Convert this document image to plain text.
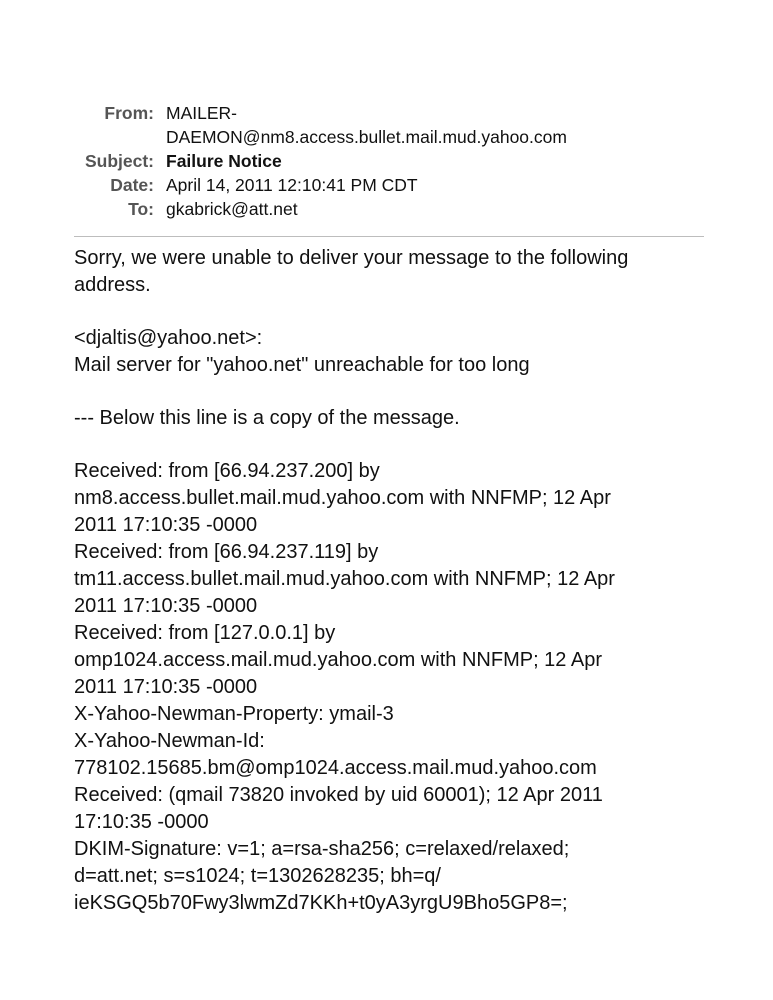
From: MAILER-
DAEMON@nm8.access.bullet.mail.mud.yahoo.com
Subject: Failure Notice
Date: April 14, 2011 12:10:41 PM CDT
To: gkabrick@att.net

Sorry, we were unable to deliver your message to the following
address.

<djaltis@yahoo.net>:
Mail server for "yahoo.net" unreachable for too long

--- Below this line is a copy of the message.

Received: from [66.94.237.200] by
nm8.access.bullet.mail.mud.yahoo.com with NNFMP; 12 Apr
2011 17:10:35 -0000
Received: from [66.94.237.119] by
tm11.access.bullet.mail.mud.yahoo.com with NNFMP; 12 Apr
2011 17:10:35 -0000
Received: from [127.0.0.1] by
omp1024.access.mail.mud.yahoo.com with NNFMP; 12 Apr
2011 17:10:35 -0000
X-Yahoo-Newman-Property: ymail-3
X-Yahoo-Newman-Id:
778102.15685.bm@omp1024.access.mail.mud.yahoo.com
Received: (qmail 73820 invoked by uid 60001); 12 Apr 2011
17:10:35 -0000
DKIM-Signature: v=1; a=rsa-sha256; c=relaxed/relaxed;
d=att.net; s=s1024; t=1302628235; bh=q/
ieKSGQ5b70Fwy3lwmZd7KKh+t0yA3yrgU9Bho5GP8=;
